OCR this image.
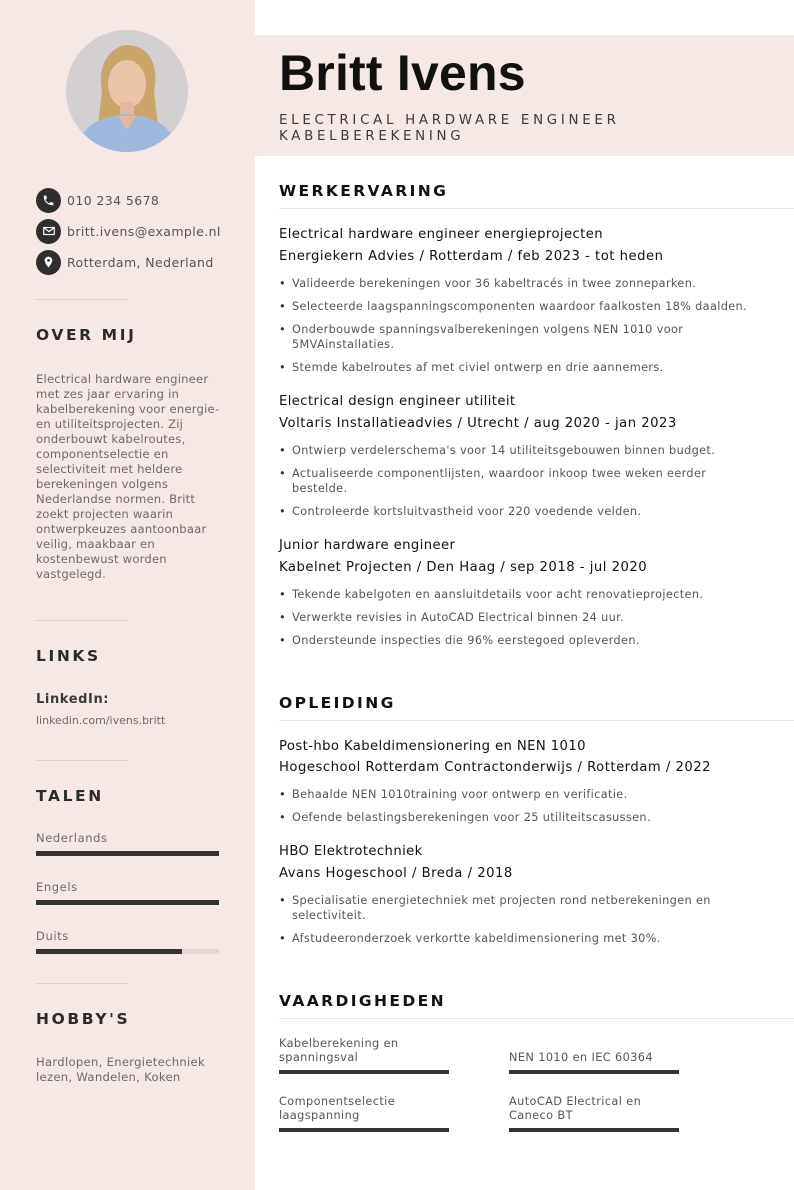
010 234 5678
britt.ivens@example.nl
Rotterdam, Nederland
OVER MIJ
Electrical hardware engineer met zes jaar ervaring in kabelberekening voor energie- en utiliteitsprojecten. Zij onderbouwt kabelroutes, componentselectie en selectiviteit met heldere berekeningen volgens Nederlandse normen. Britt zoekt projecten waarin ontwerpkeuzes aantoonbaar veilig, maakbaar en kostenbewust worden vastgelegd.
LINKS
LinkedIn:
linkedin.com/ivens.britt
TALEN
Nederlands
Engels
Duits
HOBBY'S
Hardlopen, Energietechniek lezen, Wandelen, Koken
Britt Ivens
ELECTRICAL HARDWARE ENGINEER KABELBEREKENING
WERKERVARING
Electrical hardware engineer energieprojecten
Energiekern Advies / Rotterdam / feb 2023 - tot heden
• Valideerde berekeningen voor 36 kabeltracés in twee zonneparken.
• Selecteerde laagspanningscomponenten waardoor faalkosten 18% daalden.
• Onderbouwde spanningsvalberekeningen volgens NEN 1010 voor 5MVAinstallaties.
• Stemde kabelroutes af met civiel ontwerp en drie aannemers.
Electrical design engineer utiliteit
Voltaris Installatieadvies / Utrecht / aug 2020 - jan 2023
• Ontwierp verdelerschema's voor 14 utiliteitsgebouwen binnen budget.
• Actualiseerde componentlijsten, waardoor inkoop twee weken eerder bestelde.
• Controleerde kortsluitvastheid voor 220 voedende velden.
Junior hardware engineer
Kabelnet Projecten / Den Haag / sep 2018 - jul 2020
• Tekende kabelgoten en aansluitdetails voor acht renovatieprojecten.
• Verwerkte revisies in AutoCAD Electrical binnen 24 uur.
• Ondersteunde inspecties die 96% eerstegoed opleverden.
OPLEIDING
Post-hbo Kabeldimensionering en NEN 1010
Hogeschool Rotterdam Contractonderwijs / Rotterdam / 2022
• Behaalde NEN 1010training voor ontwerp en verificatie.
• Oefende belastingsberekeningen voor 25 utiliteitscasussen.
HBO Elektrotechniek
Avans Hogeschool / Breda / 2018
• Specialisatie energietechniek met projecten rond netberekeningen en selectiviteit.
• Afstudeeronderzoek verkortte kabeldimensionering met 30%.
VAARDIGHEDEN
Kabelberekening en spanningsval	NEN 1010 en IEC 60364
Componentselectie laagspanning
AutoCAD Electrical en Caneco BT
